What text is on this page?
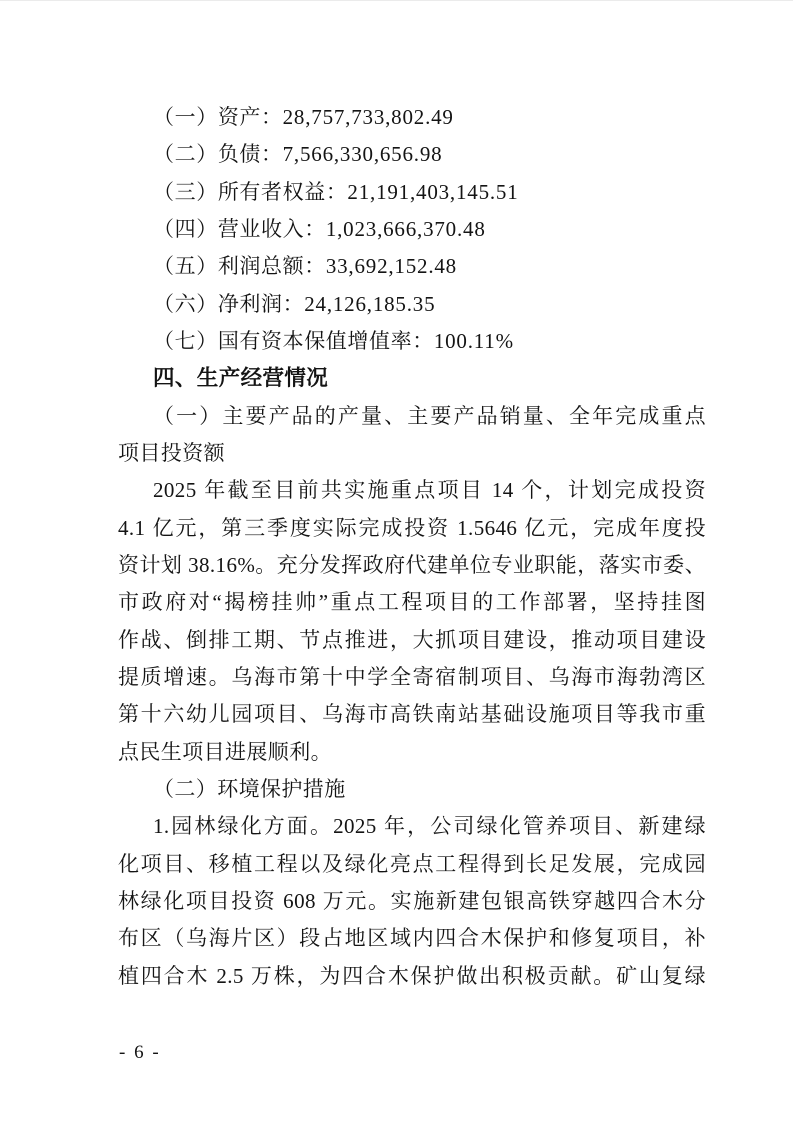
（一）资产：28,757,733,802.49
（二）负债：7,566,330,656.98
（三）所有者权益：21,191,403,145.51
（四）营业收入：1,023,666,370.48
（五）利润总额：33,692,152.48
（六）净利润：24,126,185.35
（七）国有资本保值增值率：100.11%
四、生产经营情况
（一）主要产品的产量、主要产品销量、全年完成重点
项目投资额
2025 年截至目前共实施重点项目 14 个，计划完成投资
4.1 亿元，第三季度实际完成投资 1.5646 亿元，完成年度投
资计划 38.16%。充分发挥政府代建单位专业职能，落实市委、
市政府对“揭榜挂帅”重点工程项目的工作部署，坚持挂图
作战、倒排工期、节点推进，大抓项目建设，推动项目建设
提质增速。乌海市第十中学全寄宿制项目、乌海市海勃湾区
第十六幼儿园项目、乌海市高铁南站基础设施项目等我市重
点民生项目进展顺利。
（二）环境保护措施
1.园林绿化方面。2025 年，公司绿化管养项目、新建绿
化项目、移植工程以及绿化亮点工程得到长足发展，完成园
林绿化项目投资 608 万元。实施新建包银高铁穿越四合木分
布区（乌海片区）段占地区域内四合木保护和修复项目，补
植四合木 2.5 万株，为四合木保护做出积极贡献。矿山复绿
- 6 -
